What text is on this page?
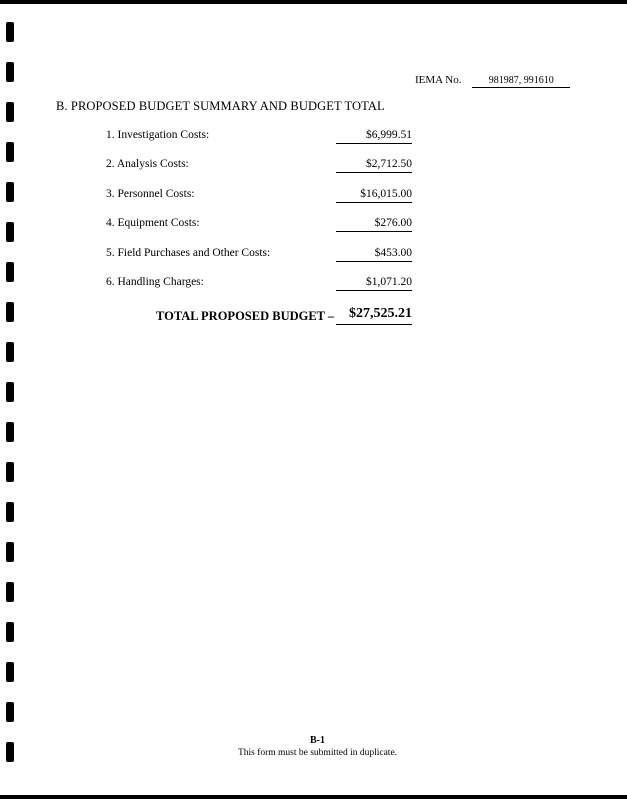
IEMA No.	981987, 991610
B. PROPOSED BUDGET SUMMARY AND BUDGET TOTAL
1. Investigation Costs:	$6,999.51
2. Analysis Costs:	$2,712.50
3. Personnel Costs:	$16,015.00
4. Equipment Costs:	$276.00
5. Field Purchases and Other Costs:	$453.00
6. Handling Charges:	$1,071.20
TOTAL PROPOSED BUDGET –	$27,525.21
B-1
This form must be submitted in duplicate.
